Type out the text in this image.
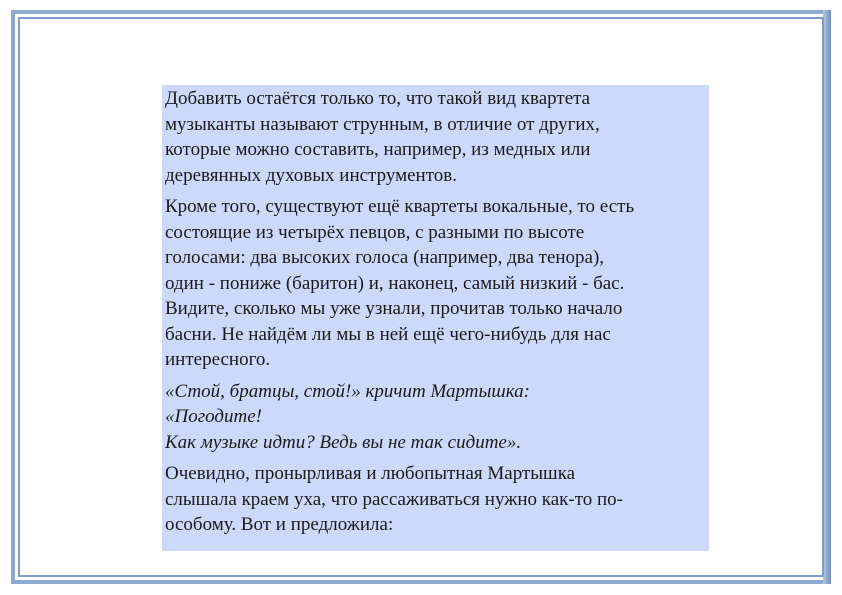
Добавить остаётся только то, что такой вид квартета
музыканты называют струнным, в отличие от других,
которые можно составить, например, из медных или
деревянных духовых инструментов.

Кроме того, существуют ещё квартеты вокальные, то есть
состоящие из четырёх певцов, с разными по высоте
голосами: два высоких голоса (например, два тенора),
один - пониже (баритон) и, наконец, самый низкий - бас.
Видите, сколько мы уже узнали, прочитав только начало
басни. Не найдём ли мы в ней ещё чего-нибудь для нас
интересного.

«Стой, братцы, стой!» кричит Мартышка:
«Погодите!
Как музыке идти? Ведь вы не так сидите».

Очевидно, пронырливая и любопытная Мартышка
слышала краем уха, что рассаживаться нужно как-то по-
особому. Вот и предложила:
